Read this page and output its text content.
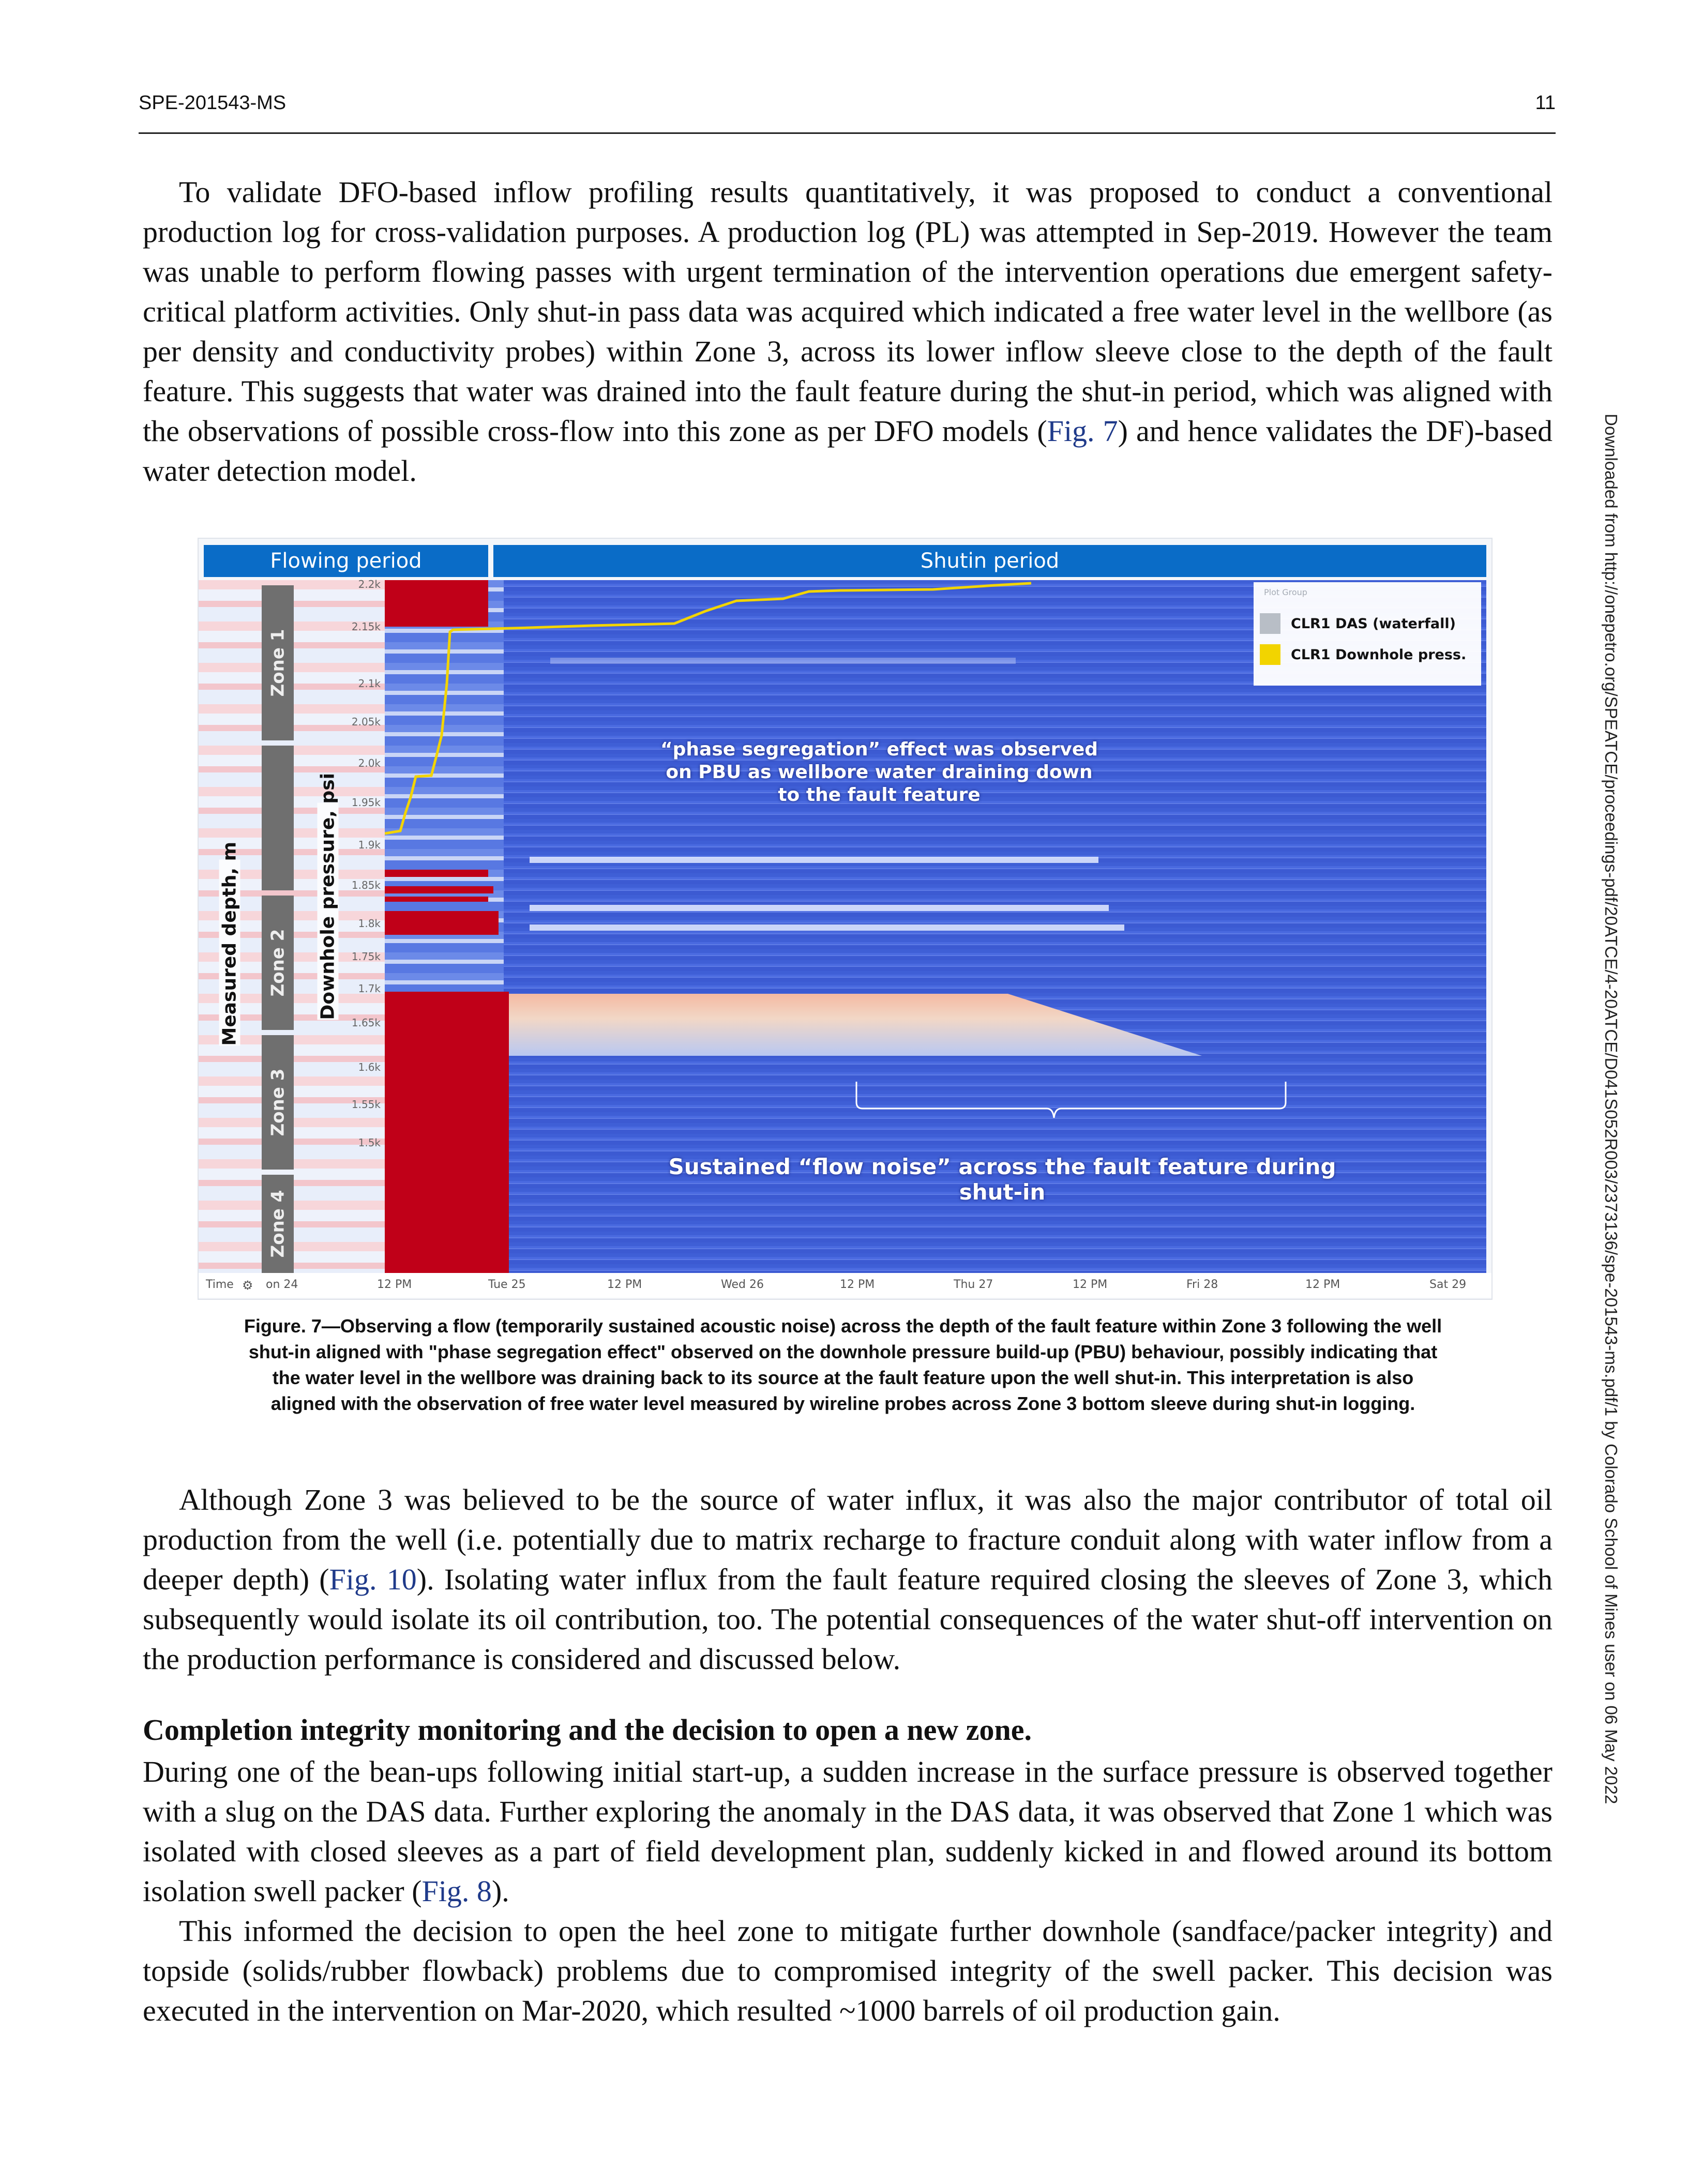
SPE-201543-MS	11
Downloaded from http://onepetro.org/SPEATCE/proceedings-pdf/20ATCE/4-20ATCE/D041S052R003/2373136/spe-201543-ms.pdf/1 by Colorado School of Mines user on 06 May 2022

To validate DFO-based inflow profiling results quantitatively, it was proposed to conduct a conventional production log for cross-validation purposes. A production log (PL) was attempted in Sep-2019. However the team was unable to perform flowing passes with urgent termination of the intervention operations due emergent safety-critical platform activities. Only shut-in pass data was acquired which indicated a free water level in the wellbore (as per density and conductivity probes) within Zone 3, across its lower inflow sleeve close to the depth of the fault feature. This suggests that water was drained into the fault feature during the shut-in period, which was aligned with the observations of possible cross-flow into this zone as per DFO models (Fig. 7) and hence validates the DF)-based water detection model.

Flowing period	Shutin period
Zone 1
Zone 2
Zone 3
Zone 4
Measured depth, m	Downhole pressure, psi
2.2k
2.15k
2.1k
2.05k
2.0k
1.95k
1.9k
1.85k
1.8k
1.75k
1.7k
1.65k
1.6k
1.55k
1.5k
Plot Group
CLR1 DAS (waterfall)
CLR1 Downhole press.
Time ⚙ on 24	12 PM	Tue 25	12 PM	Wed 26	12 PM	Thu 27	12 PM	Fri 28	12 PM	Sat 29
“phase segregation” effect was observed on PBU as wellbore water draining down to the fault feature
Sustained “flow noise” across the fault feature during shut-in
Figure. 7—Observing a flow (temporarily sustained acoustic noise) across the depth of the fault feature within Zone 3 following the well shut-in aligned with "phase segregation effect" observed on the downhole pressure build-up (PBU) behaviour, possibly indicating that the water level in the wellbore was draining back to its source at the fault feature upon the well shut-in. This interpretation is also aligned with the observation of free water level measured by wireline probes across Zone 3 bottom sleeve during shut-in logging.

Although Zone 3 was believed to be the source of water influx, it was also the major contributor of total oil production from the well (i.e. potentially due to matrix recharge to fracture conduit along with water inflow from a deeper depth) (Fig. 10). Isolating water influx from the fault feature required closing the sleeves of Zone 3, which subsequently would isolate its oil contribution, too. The potential consequences of the water shut-off intervention on the production performance is considered and discussed below.

Completion integrity monitoring and the decision to open a new zone.

During one of the bean-ups following initial start-up, a sudden increase in the surface pressure is observed together with a slug on the DAS data. Further exploring the anomaly in the DAS data, it was observed that Zone 1 which was isolated with closed sleeves as a part of field development plan, suddenly kicked in and flowed around its bottom isolation swell packer (Fig. 8).

This informed the decision to open the heel zone to mitigate further downhole (sandface/packer integrity) and topside (solids/rubber flowback) problems due to compromised integrity of the swell packer. This decision was executed in the intervention on Mar-2020, which resulted ~1000 barrels of oil production gain.
